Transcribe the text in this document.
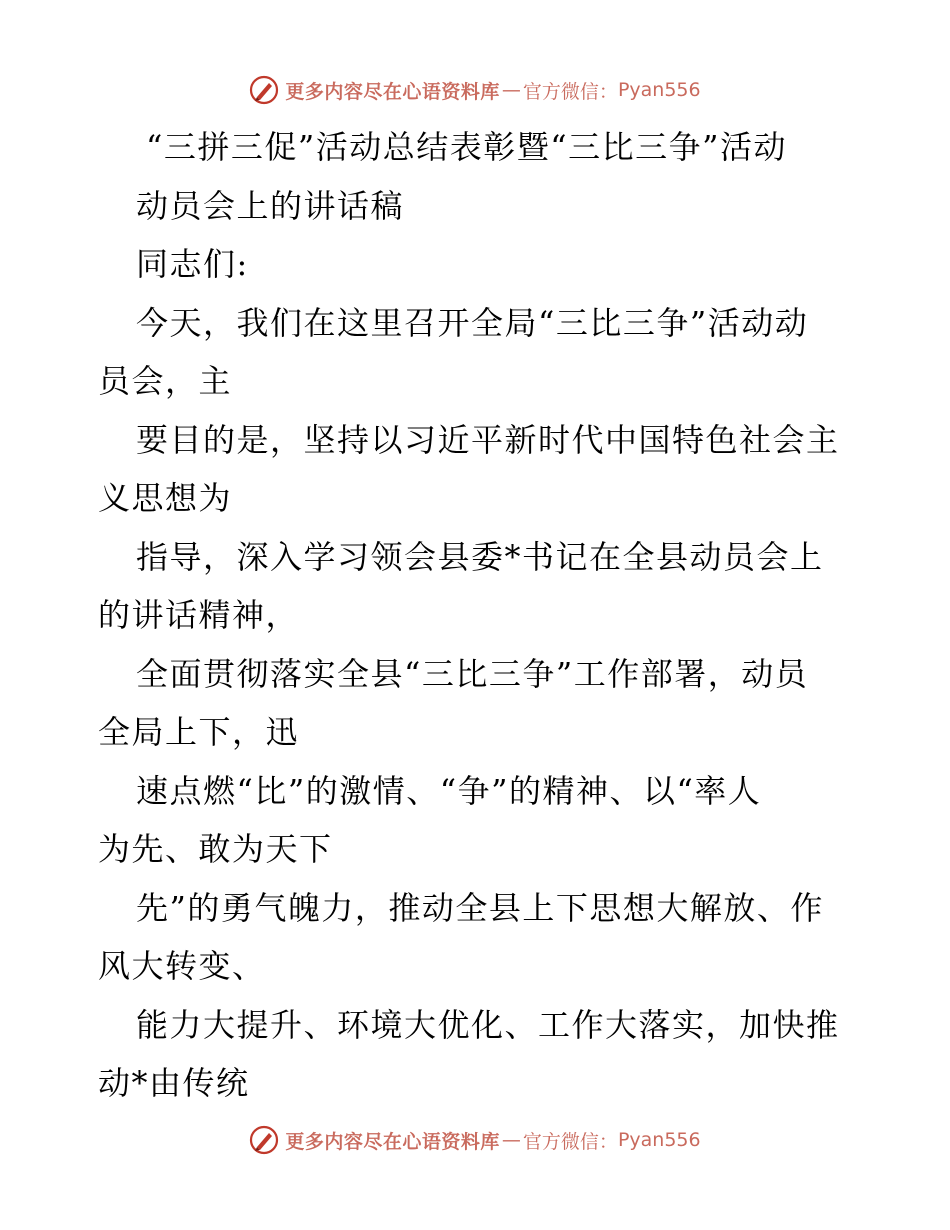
更多内容尽在心语资料库 — 官方微信： Pyan556
“三拼三促”活动总结表彰暨“三比三争”活动
动员会上的讲话稿
同志们:
今天，我们在这里召开全局“三比三争”活动动
员会，主
要目的是，坚持以习近平新时代中国特色社会主
义思想为
指导，深入学习领会县委*书记在全县动员会上
的讲话精神，
全面贯彻落实全县“三比三争”工作部署，动员
全局上下，迅
速点燃“比”的激情、“争”的精神、以“率人
为先、敢为天下
先”的勇气魄力，推动全县上下思想大解放、作
风大转变、
能力大提升、环境大优化、工作大落实，加快推
动*由传统
更多内容尽在心语资料库 — 官方微信： Pyan556
